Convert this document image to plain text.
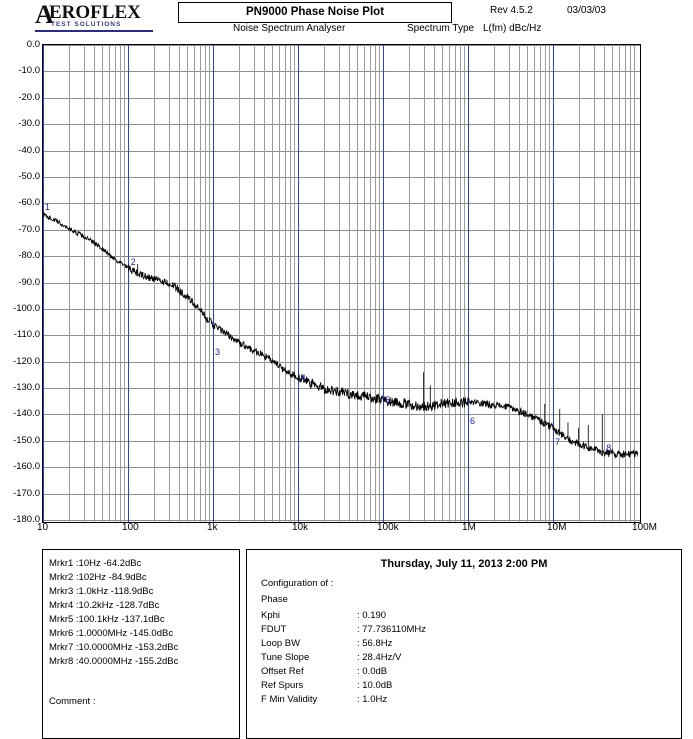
A
EROFLEX
TEST SOLUTIONS
PN9000 Phase Noise Plot	Rev 4.5.2	03/03/03
Noise Spectrum Analyser	Spectrum Type L(fm) dBc/Hz
0.0
-10.0
-20.0
-30.0
-40.0
-50.0
-60.0
-70.0
-80.0
-90.0
-100.0
-110.0
-120.0
-130.0
-140.0
-150.0
-160.0
-170.0
-180.0
1
2
3
4
5
6
7
8
10	100	1k	10k	100k	1M	10M	100M
Mrkr1 :10Hz -64.2dBc
Mrkr2 :102Hz -84.9dBc
Mrkr3 :1.0kHz -118.9dBc
Mrkr4 :10.2kHz -128.7dBc
Mrkr5 :100.1kHz -137.1dBc
Mrkr6 :1.0000MHz -145.0dBc
Mrkr7 :10.0000MHz -153.2dBc
Mrkr8 :40.0000MHz -155.2dBc
Comment :
Thursday, July 11, 2013 2:00 PM
Configuration of :
Phase
Kphi	: 0.190
FDUT	: 77.736110MHz
Loop BW	: 56.8Hz
Tune Slope	: 28.4Hz/V
Offset Ref	: 0.0dB
Ref Spurs	: 10.0dB
F Min Validity	: 1.0Hz
